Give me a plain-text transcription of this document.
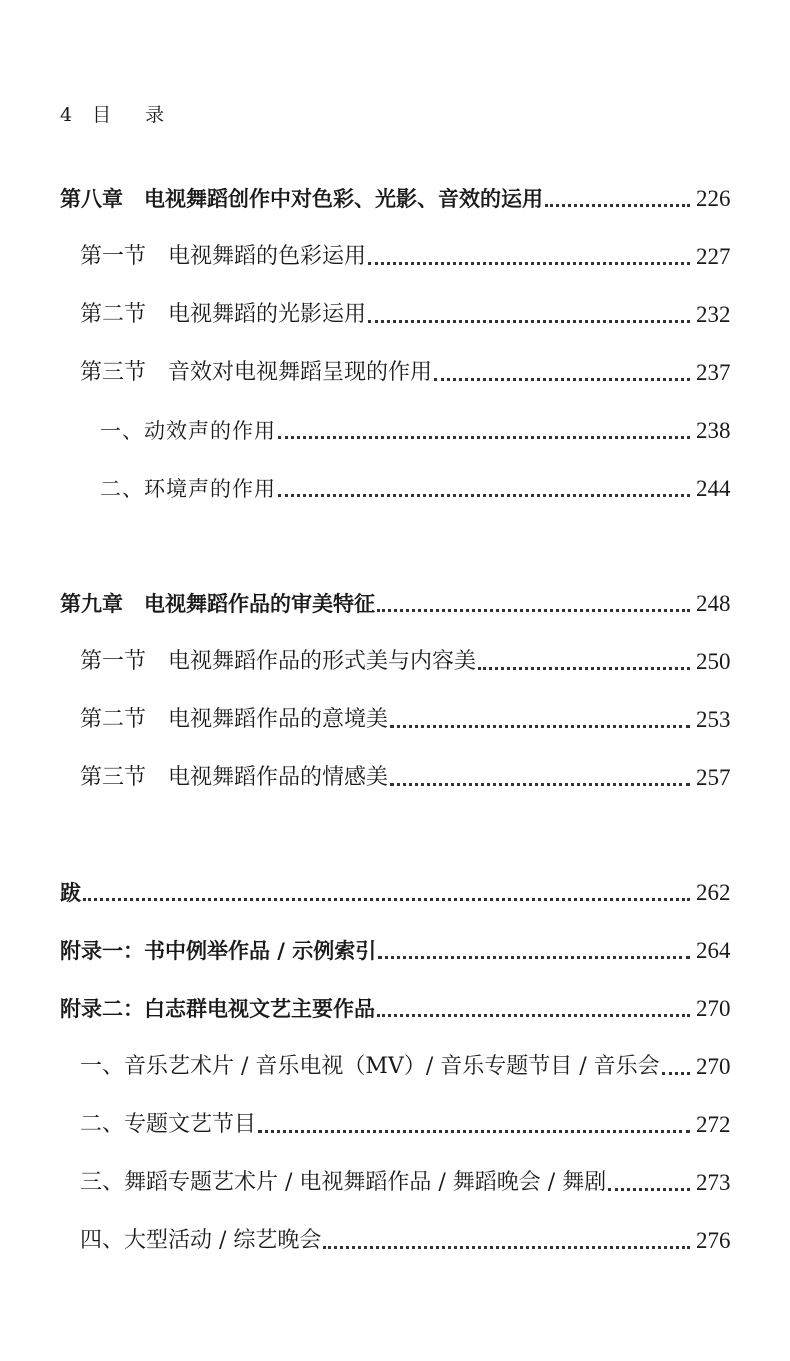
4 目 录
第八章　电视舞蹈创作中对色彩、光影、音效的运用	226
第一节　电视舞蹈的色彩运用	227
第二节　电视舞蹈的光影运用	232
第三节　音效对电视舞蹈呈现的作用	237
一、动效声的作用	238
二、环境声的作用	244
第九章　电视舞蹈作品的审美特征	248
第一节　电视舞蹈作品的形式美与内容美	250
第二节　电视舞蹈作品的意境美	253
第三节　电视舞蹈作品的情感美	257
跋	262
附录一：书中例举作品 / 示例索引	264
附录二：白志群电视文艺主要作品	270
一、音乐艺术片 / 音乐电视（MV）/ 音乐专题节目 / 音乐会 270
二、专题文艺节目	272
三、舞蹈专题艺术片 / 电视舞蹈作品 / 舞蹈晚会 / 舞剧	273
四、大型活动 / 综艺晚会	276
